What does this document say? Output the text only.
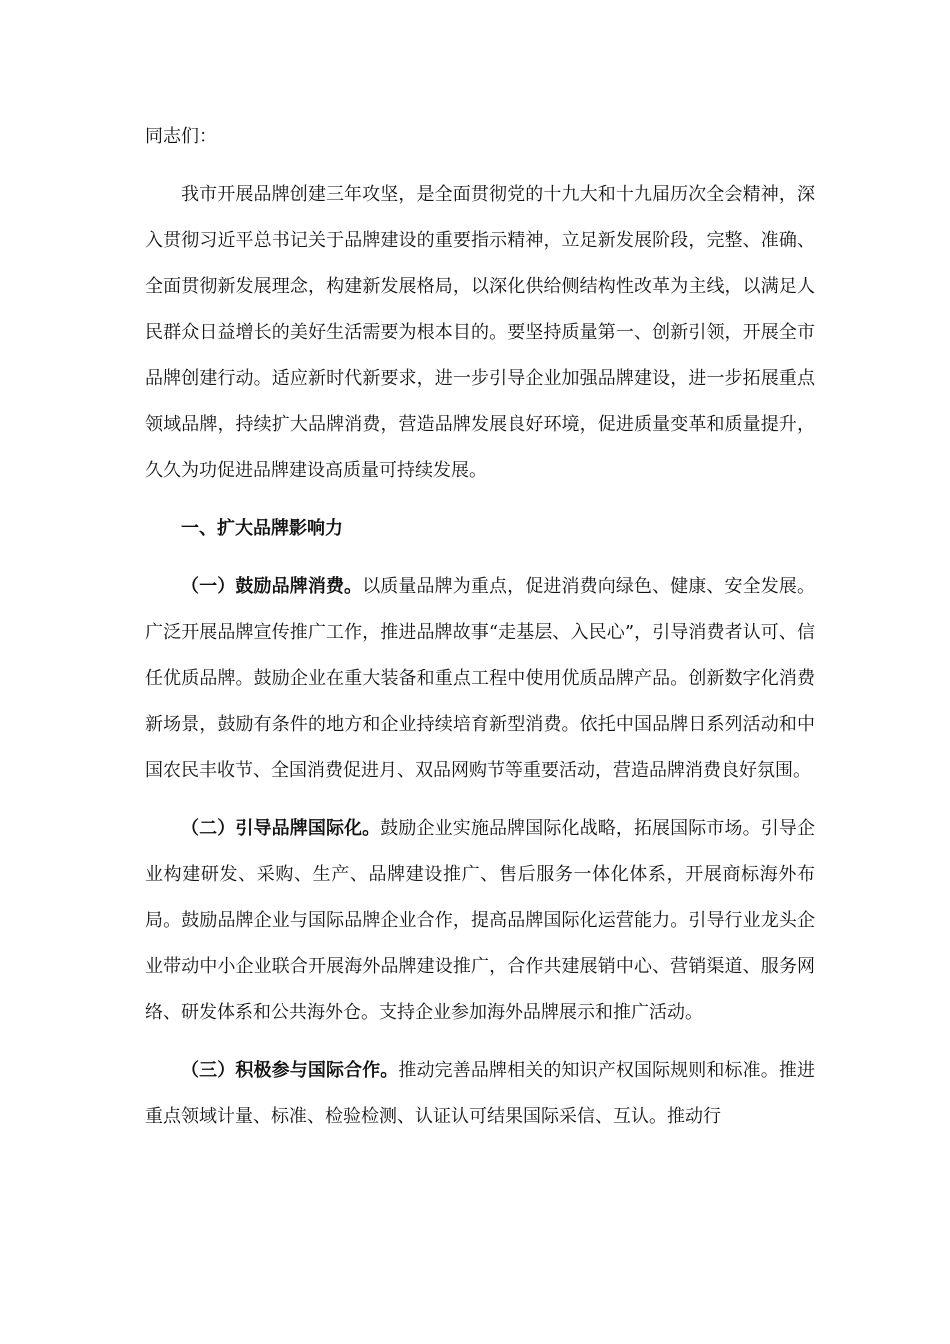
同志们：

我市开展品牌创建三年攻坚，是全面贯彻党的十九大和十九届历次全会精神，深入贯彻习近平总书记关于品牌建设的重要指示精神，立足新发展阶段，完整、准确、全面贯彻新发展理念，构建新发展格局，以深化供给侧结构性改革为主线，以满足人民群众日益增长的美好生活需要为根本目的。要坚持质量第一、创新引领，开展全市品牌创建行动。适应新时代新要求，进一步引导企业加强品牌建设，进一步拓展重点领域品牌，持续扩大品牌消费，营造品牌发展良好环境，促进质量变革和质量提升，久久为功促进品牌建设高质量可持续发展。

一、扩大品牌影响力

（一）鼓励品牌消费。以质量品牌为重点，促进消费向绿色、健康、安全发展。广泛开展品牌宣传推广工作，推进品牌故事“走基层、入民心”，引导消费者认可、信任优质品牌。鼓励企业在重大装备和重点工程中使用优质品牌产品。创新数字化消费新场景，鼓励有条件的地方和企业持续培育新型消费。依托中国品牌日系列活动和中国农民丰收节、全国消费促进月、双品网购节等重要活动，营造品牌消费良好氛围。

（二）引导品牌国际化。鼓励企业实施品牌国际化战略，拓展国际市场。引导企业构建研发、采购、生产、品牌建设推广、售后服务一体化体系，开展商标海外布局。鼓励品牌企业与国际品牌企业合作，提高品牌国际化运营能力。引导行业龙头企业带动中小企业联合开展海外品牌建设推广，合作共建展销中心、营销渠道、服务网络、研发体系和公共海外仓。支持企业参加海外品牌展示和推广活动。

（三）积极参与国际合作。推动完善品牌相关的知识产权国际规则和标准。推进重点领域计量、标准、检验检测、认证认可结果国际采信、互认。推动行
